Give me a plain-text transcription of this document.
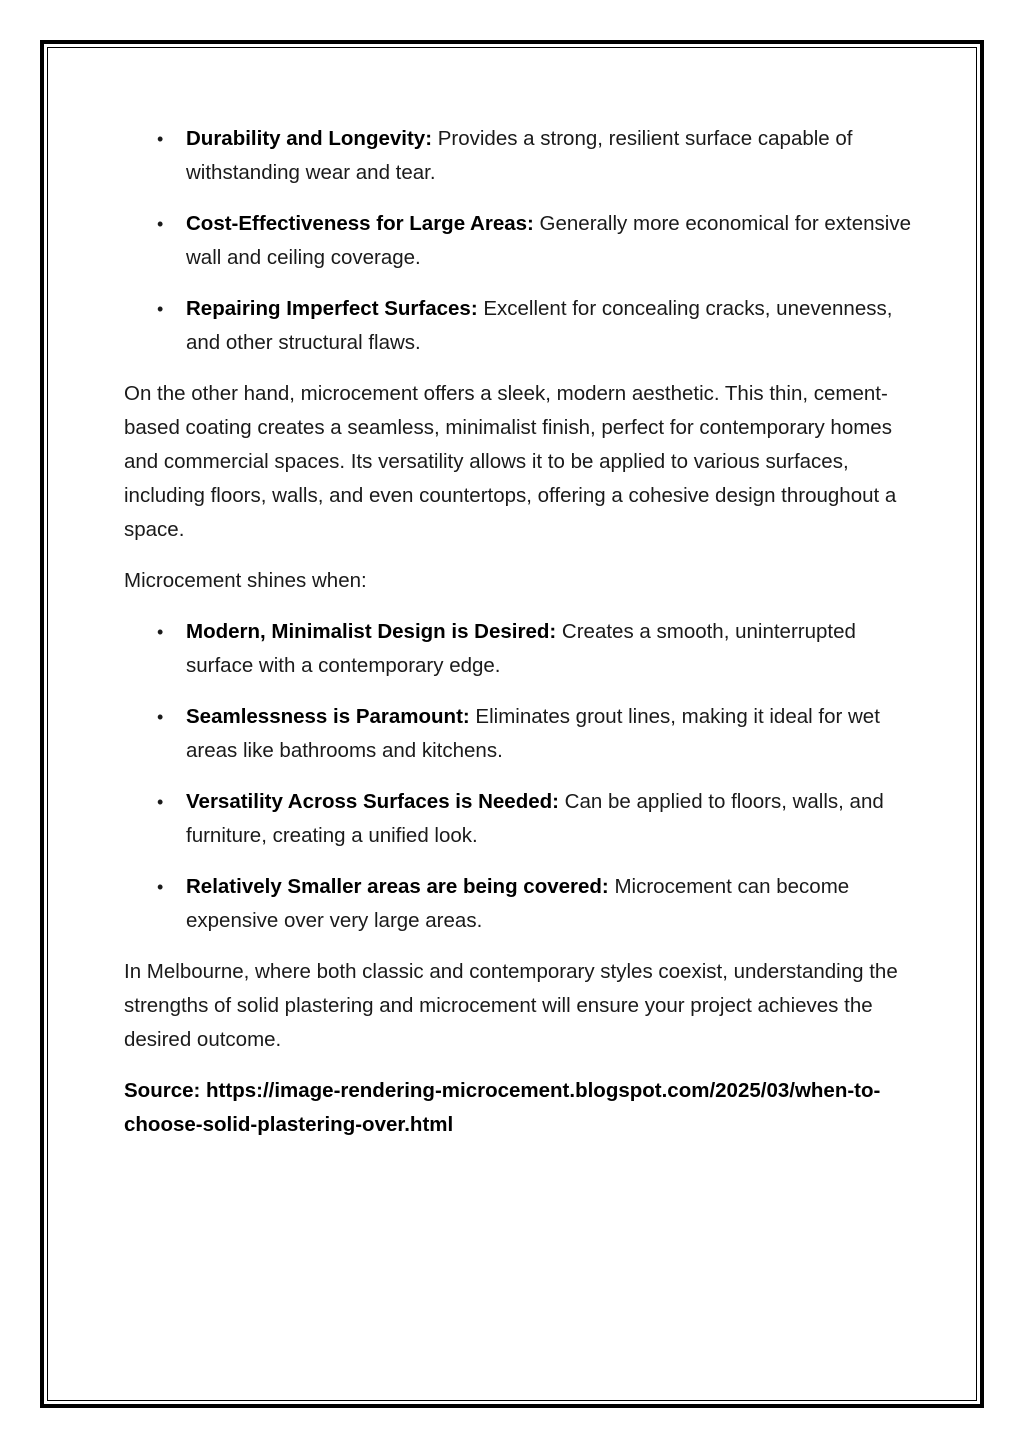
• Durability and Longevity: Provides a strong, resilient surface capable of withstanding wear and tear.
• Cost-Effectiveness for Large Areas: Generally more economical for extensive wall and ceiling coverage.
• Repairing Imperfect Surfaces: Excellent for concealing cracks, unevenness, and other structural flaws.

On the other hand, microcement offers a sleek, modern aesthetic. This thin, cement-based coating creates a seamless, minimalist finish, perfect for contemporary homes and commercial spaces. Its versatility allows it to be applied to various surfaces, including floors, walls, and even countertops, offering a cohesive design throughout a space.

Microcement shines when:

• Modern, Minimalist Design is Desired: Creates a smooth, uninterrupted surface with a contemporary edge.
• Seamlessness is Paramount: Eliminates grout lines, making it ideal for wet areas like bathrooms and kitchens.
• Versatility Across Surfaces is Needed: Can be applied to floors, walls, and furniture, creating a unified look.
• Relatively Smaller areas are being covered: Microcement can become expensive over very large areas.

In Melbourne, where both classic and contemporary styles coexist, understanding the strengths of solid plastering and microcement will ensure your project achieves the desired outcome.

Source: https://image-rendering-microcement.blogspot.com/2025/03/when-to-choose-solid-plastering-over.html
